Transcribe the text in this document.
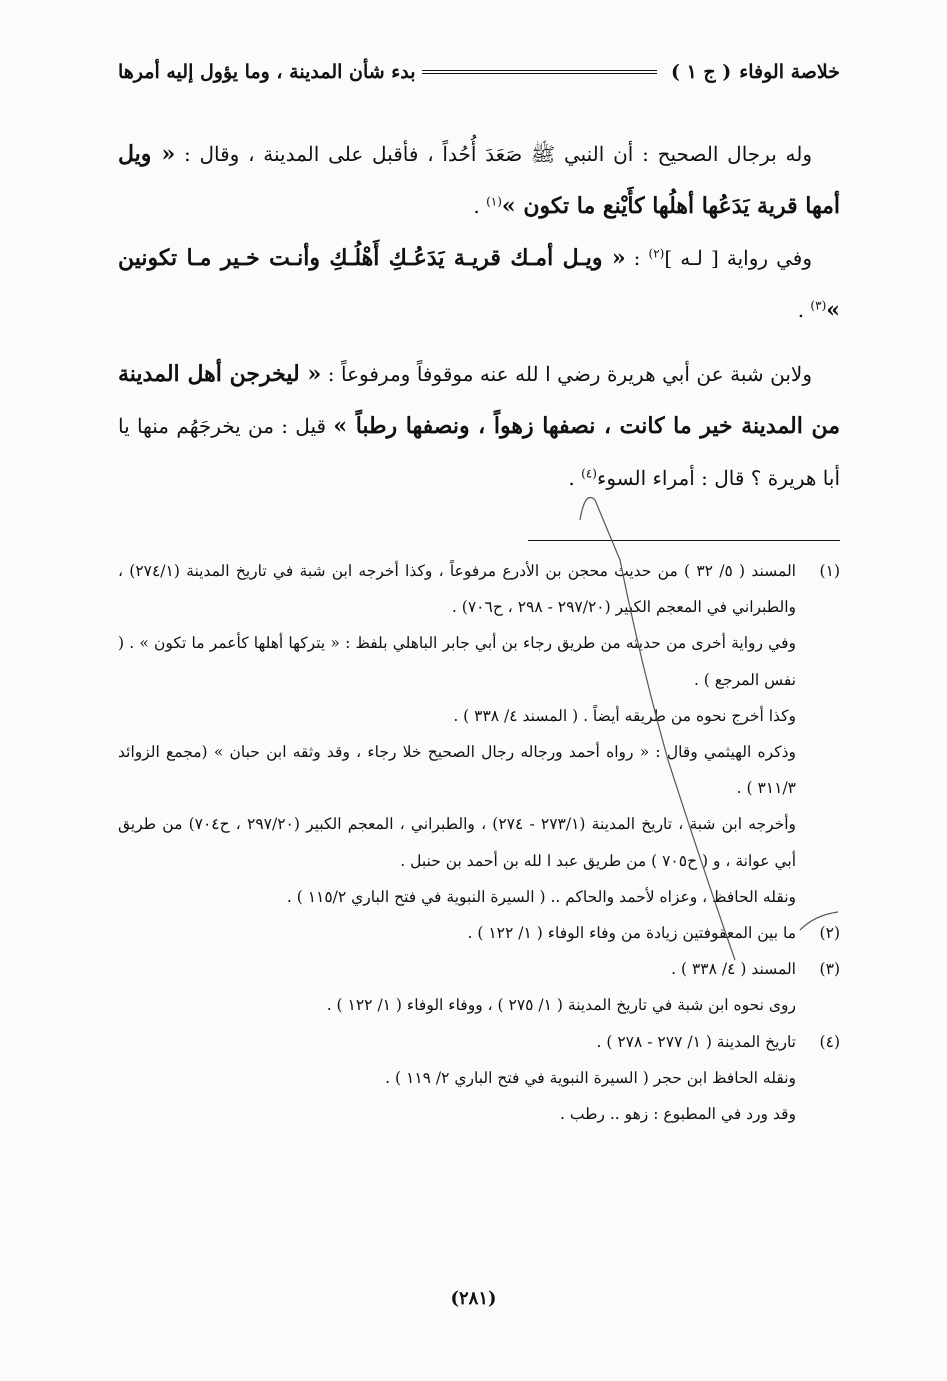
خلاصة الوفاء
( ج ١ )
بدء شأن المدينة ، وما يؤول إليه أمرها

وله برجال الصحيح : أن النبي ﷺ صَعَدَ أُحُداً ، فأقبل على المدينة ، وقال : « ويل أمها قرية يَدَعُها أهلُها كأَيْنع ما تكون »$^{(١)}$ .

وفي رواية [ لـه ]$^{(٢)}$ : « ويـل أمـك قريـة يَدَعُـكِ أَهْلُـكِ وأنـت خـير مـا تكونين »$^{(٣)}$ .

ولابن شبة عن أبي هريرة رضي ا لله عنه موقوفاً ومرفوعاً : « ليخرجن أهل المدينة من المدينة خير ما كانت ، نصفها زهواً ، ونصفها رطباً » قيل : من يخرجَهُم منها يا أبا هريرة ؟ قال : أمراء السوء$^{(٤)}$ .

(١)
المسند ( ٥/ ٣٢ ) من حديث محجن بن الأدرع مرفوعاً ، وكذا أخرجه ابن شبة في تاريخ المدينة (٢٧٤/١) ، والطبراني في المعجم الكبير (٢٩٧/٢٠ - ٢٩٨ ، ح٧٠٦) .
وفي رواية أخرى من حديثه من طريق رجاء بن أبي جابر الباهلي بلفظ : « يتركها أهلها كأعمر ما تكون » . ( نفس المرجع ) .
وكذا أخرج نحوه من طريقه أيضاً . ( المسند ٤/ ٣٣٨ ) .
وذكره الهيثمي وقال : « رواه أحمد ورجاله رجال الصحيح خلا رجاء ، وقد وثقه ابن حبان » (مجمع الزوائد ٣١١/٣ ) .
وأخرجه ابن شبة ، تاريخ المدينة (٢٧٣/١ - ٢٧٤) ، والطبراني ، المعجم الكبير (٢٩٧/٢٠ ، ح٧٠٤) من طريق أبي عوانة ، و ( ح٧٠٥ ) من طريق عبد ا لله بن أحمد بن حنبل .
ونقله الحافظ ، وعزاه لأحمد والحاكم .. ( السيرة النبوية في فتح الباري ١١٥/٢ ) .
(٢)
ما بين المعقوفتين زيادة من وفاء الوفاء ( ١/ ١٢٢ ) .
(٣)
المسند ( ٤/ ٣٣٨ ) .
روى نحوه ابن شبة في تاريخ المدينة ( ١/ ٢٧٥ ) ، ووفاء الوفاء ( ١/ ١٢٢ ) .
(٤)
تاريخ المدينة ( ١/ ٢٧٧ - ٢٧٨ ) .
ونقله الحافظ ابن حجر ( السيرة النبوية في فتح الباري ٢/ ١١٩ ) .
وقد ورد في المطبوع : زهو .. رطب .
(٢٨١)
